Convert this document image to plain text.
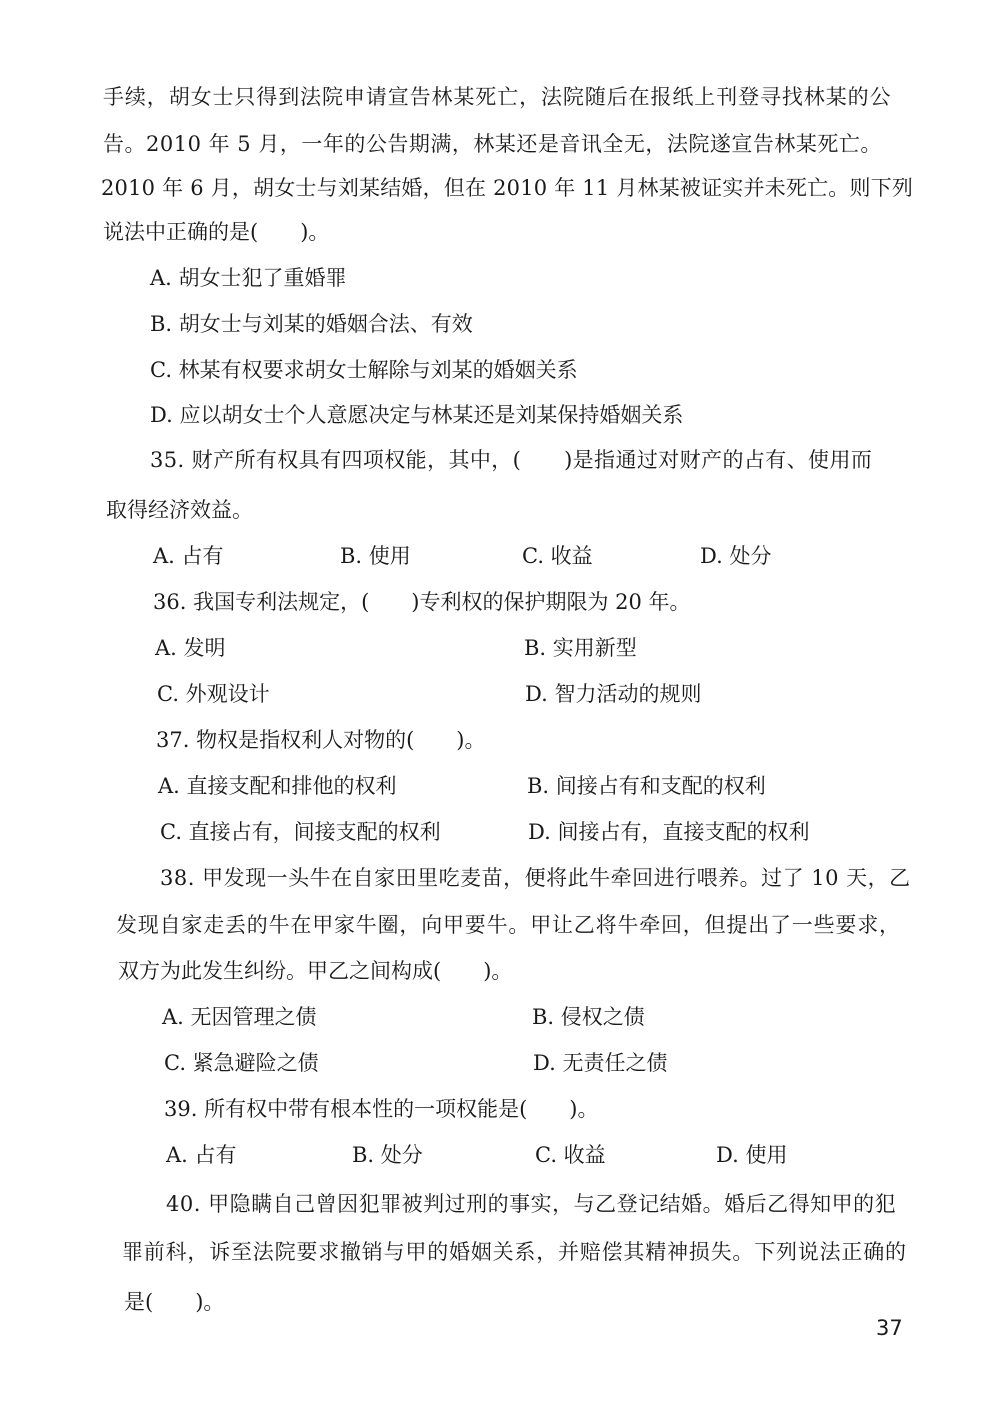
手续，胡女士只得到法院申请宣告林某死亡，法院随后在报纸上刊登寻找林某的公
告。2010 年 5 月，一年的公告期满，林某还是音讯全无，法院遂宣告林某死亡。
2010 年 6 月，胡女士与刘某结婚，但在 2010 年 11 月林某被证实并未死亡。则下列
说法中正确的是(　　)。
A. 胡女士犯了重婚罪
B. 胡女士与刘某的婚姻合法、有效
C. 林某有权要求胡女士解除与刘某的婚姻关系
D. 应以胡女士个人意愿决定与林某还是刘某保持婚姻关系
35. 财产所有权具有四项权能，其中，(　　)是指通过对财产的占有、使用而
取得经济效益。
A. 占有	B. 使用	C. 收益	D. 处分
36. 我国专利法规定，(　　)专利权的保护期限为 20 年。
A. 发明	B. 实用新型
C. 外观设计	D. 智力活动的规则
37. 物权是指权利人对物的(　　)。
A. 直接支配和排他的权利	B. 间接占有和支配的权利
C. 直接占有，间接支配的权利	D. 间接占有，直接支配的权利
38. 甲发现一头牛在自家田里吃麦苗，便将此牛牵回进行喂养。过了 10 天，乙
发现自家走丢的牛在甲家牛圈，向甲要牛。甲让乙将牛牵回，但提出了一些要求，
双方为此发生纠纷。甲乙之间构成(　　)。
A. 无因管理之债	B. 侵权之债
C. 紧急避险之债	D. 无责任之债
39. 所有权中带有根本性的一项权能是(　　)。
A. 占有	B. 处分	C. 收益	D. 使用
40. 甲隐瞒自己曾因犯罪被判过刑的事实，与乙登记结婚。婚后乙得知甲的犯
罪前科，诉至法院要求撤销与甲的婚姻关系，并赔偿其精神损失。下列说法正确的
是(　　)。
37
